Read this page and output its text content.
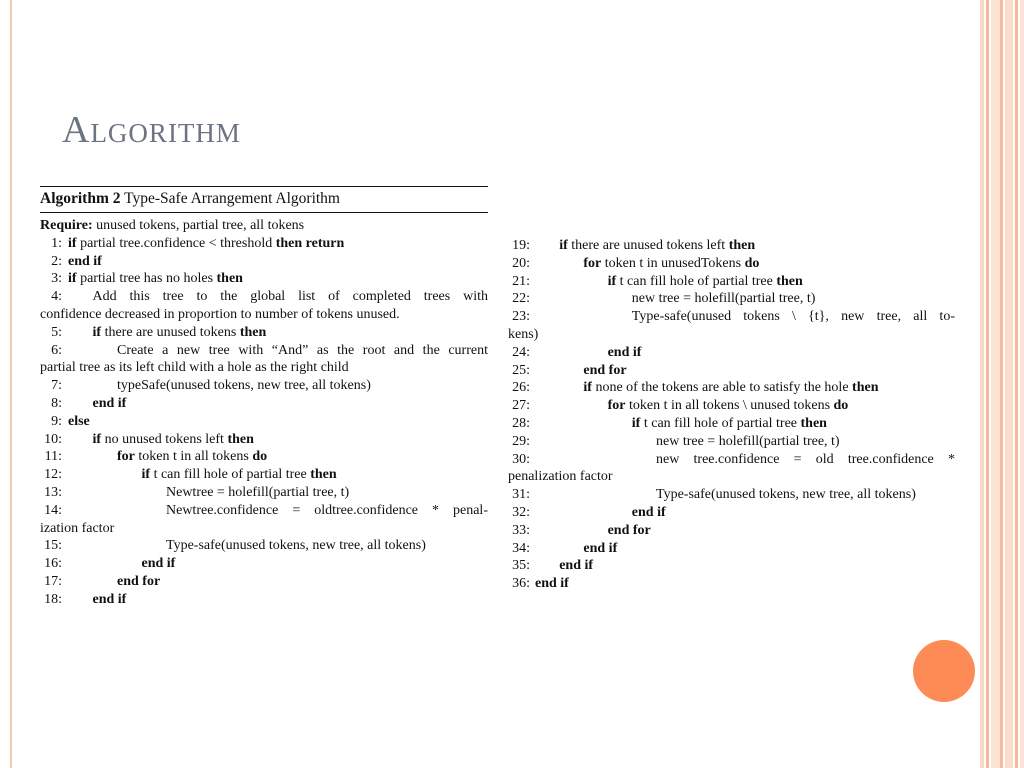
Algorithm
Algorithm 2 Type-Safe Arrangement Algorithm
Require: unused tokens, partial tree, all tokens
1: if partial tree.confidence < threshold then return
2: end if
3: if partial tree has no holes then
4: Add this tree to the global list of completed trees with
confidence decreased in proportion to number of tokens unused.
5: if there are unused tokens then
6:	Create a new tree with “And” as the root and the current
partial tree as its left child with a hole as the right child
7:	typeSafe(unused tokens, new tree, all tokens)
8: end if
9: else
10: if no unused tokens left then
11:	for token t in all tokens do
12:	if t can fill hole of partial tree then
13:	Newtree = holefill(partial tree, t)
14:	Newtree.confidence = oldtree.confidence * penal-
ization factor
15:	Type-safe(unused tokens, new tree, all tokens)
16:	end if
17:	end for
18: end if
19: if there are unused tokens left then
20:	for token t in unusedTokens do
21:	if t can fill hole of partial tree then
22:	new tree = holefill(partial tree, t)
23:	Type-safe(unused tokens \ {t}, new tree, all to-
kens)
24:	end if
25:	end for
26:	if none of the tokens are able to satisfy the hole then
27:	for token t in all tokens \ unused tokens do
28:	if t can fill hole of partial tree then
29:	new tree = holefill(partial tree, t)
30:	new tree.confidence = old tree.confidence *
penalization factor
31:	Type-safe(unused tokens, new tree, all tokens)
32:	end if
33:	end for
34:	end if
35: end if
36: end if
